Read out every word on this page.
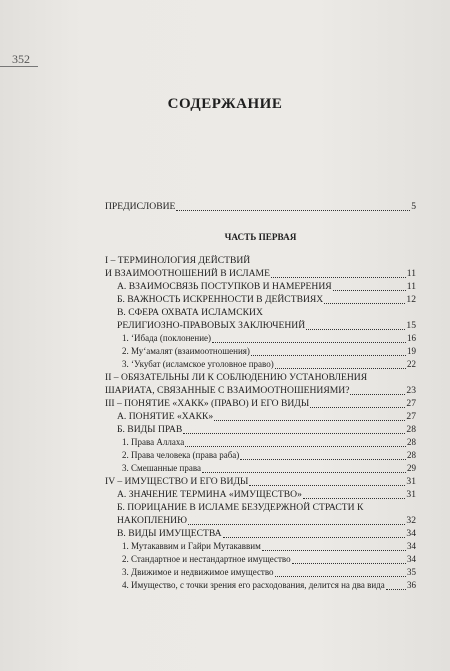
352
СОДЕРЖАНИЕ
ПРЕДИСЛОВИЕ	5
ЧАСТЬ ПЕРВАЯ
I – ТЕРМИНОЛОГИЯ ДЕЙСТВИЙ
И ВЗАИМООТНОШЕНИЙ В ИСЛАМЕ	11
А. ВЗАИМОСВЯЗЬ ПОСТУПКОВ И НАМЕРЕНИЯ	11
Б. ВАЖНОСТЬ ИСКРЕННОСТИ В ДЕЙСТВИЯХ	12
В. СФЕРА ОХВАТА ИСЛАМСКИХ
РЕЛИГИОЗНО-ПРАВОВЫХ ЗАКЛЮЧЕНИЙ	15
1. ‘Ибада (поклонение)	16
2. Му‘амалят (взаимоотношения)	19
3. ‘Укубат (исламское уголовное право)	22
II – ОБЯЗАТЕЛЬНЫ ЛИ К СОБЛЮДЕНИЮ УСТАНОВЛЕНИЯ
ШАРИАТА, СВЯЗАННЫЕ С ВЗАИМООТНОШЕНИЯМИ?	23
III – ПОНЯТИЕ «ХАКК» (ПРАВО) И ЕГО ВИДЫ	27
А. ПОНЯТИЕ «ХАКК»	27
Б. ВИДЫ ПРАВ	28
1. Права Аллаха	28
2. Права человека (права раба)	28
3. Смешанные права	29
IV – ИМУЩЕСТВО И ЕГО ВИДЫ	31
А. ЗНАЧЕНИЕ ТЕРМИНА «ИМУЩЕСТВО»	31
Б. ПОРИЦАНИЕ В ИСЛАМЕ БЕЗУДЕРЖНОЙ СТРАСТИ К
НАКОПЛЕНИЮ	32
В. ВИДЫ ИМУЩЕСТВА	34
1. Мутакаввим и Гайри Мутакаввим	34
2. Стандартное и нестандартное имущество	34
3. Движимое и недвижимое имущество	35
4. Имущество, с точки зрения его расходования, делится на два вида 36
